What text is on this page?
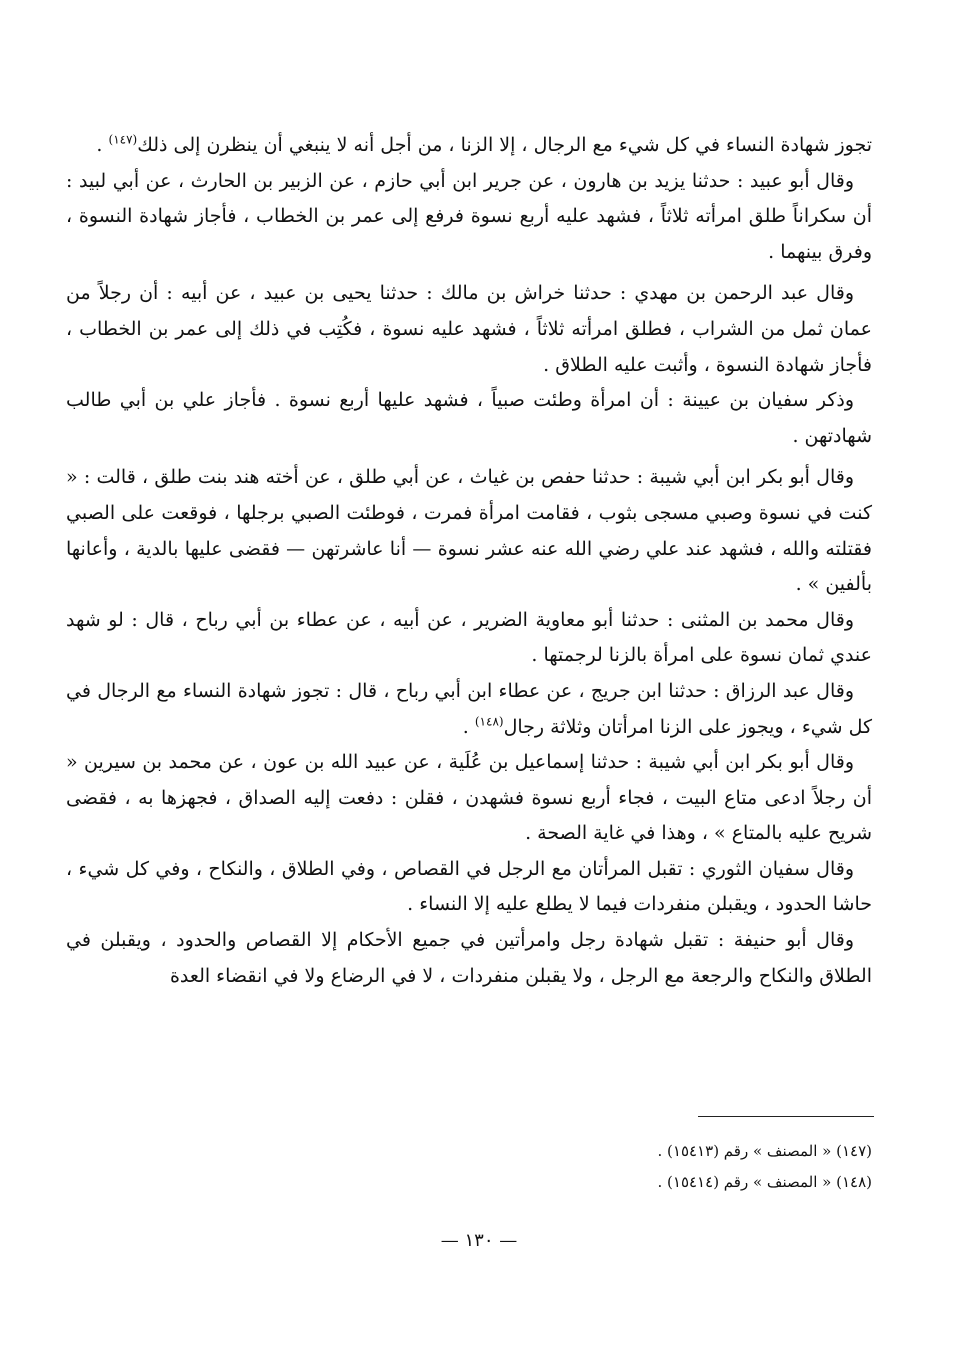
تجوز شهادة النساء في كل شيء مع الرجال ، إلا الزنا ، من أجل أنه لا ينبغي أن ينظرن إلى ذلك$^{(١٤٧)}$ .

وقال أبو عبيد : حدثنا يزيد بن هارون ، عن جرير ابن أبي حازم ، عن الزبير بن الحارث ، عن أبي لبيد : أن سكراناً طلق امرأته ثلاثاً ، فشهد عليه أربع نسوة فرفع إلى عمر بن الخطاب ، فأجاز شهادة النسوة ، وفرق بينهما .

وقال عبد الرحمن بن مهدي : حدثنا خراش بن مالك : حدثنا يحيى بن عبيد ، عن أبيه : أن رجلاً من عمان ثمل من الشراب ، فطلق امرأته ثلاثاً ، فشهد عليه نسوة ، فكُتِب في ذلك إلى عمر بن الخطاب ، فأجاز شهادة النسوة ، وأثبت عليه الطلاق .

وذكر سفيان بن عيينة : أن امرأة وطئت صبياً ، فشهد عليها أربع نسوة . فأجاز علي بن أبي طالب شهادتهن .

وقال أبو بكر ابن أبي شيبة : حدثنا حفص بن غياث ، عن أبي طلق ، عن أخته هند بنت طلق ، قالت : « كنت في نسوة وصبي مسجى بثوب ، فقامت امرأة فمرت ، فوطئت الصبي برجلها ، فوقعت على الصبي فقتلته والله ، فشهد عند علي رضي الله عنه عشر نسوة — أنا عاشرتهن — فقضى عليها بالدية ، وأعانها بألفين » .

وقال محمد بن المثنى : حدثنا أبو معاوية الضرير ، عن أبيه ، عن عطاء بن أبي رباح ، قال : لو شهد عندي ثمان نسوة على امرأة بالزنا لرجمتها .

وقال عبد الرزاق : حدثنا ابن جريج ، عن عطاء ابن أبي رباح ، قال : تجوز شهادة النساء مع الرجال في كل شيء ، ويجوز على الزنا امرأتان وثلاثة رجال$^{(١٤٨)}$ .

وقال أبو بكر ابن أبي شيبة : حدثنا إسماعيل بن عُلَية ، عن عبيد الله بن عون ، عن محمد بن سيرين « أن رجلاً ادعى متاع البيت ، فجاء أربع نسوة فشهدن ، فقلن : دفعت إليه الصداق ، فجهزها به ، فقضى شريح عليه بالمتاع » ، وهذا في غاية الصحة .

وقال سفيان الثوري : تقبل المرأتان مع الرجل في القصاص ، وفي الطلاق ، والنكاح ، وفي كل شيء ، حاشا الحدود ، ويقبلن منفردات فيما لا يطلع عليه إلا النساء .

وقال أبو حنيفة : تقبل شهادة رجل وامرأتين في جميع الأحكام إلا القصاص والحدود ، ويقبلن في الطلاق والنكاح والرجعة مع الرجل ، ولا يقبلن منفردات ، لا في الرضاع ولا في انقضاء العدة

(١٤٧) « المصنف » رقم (١٥٤١٣) .

(١٤٨) « المصنف » رقم (١٥٤١٤) .

— ١٣٠ —
